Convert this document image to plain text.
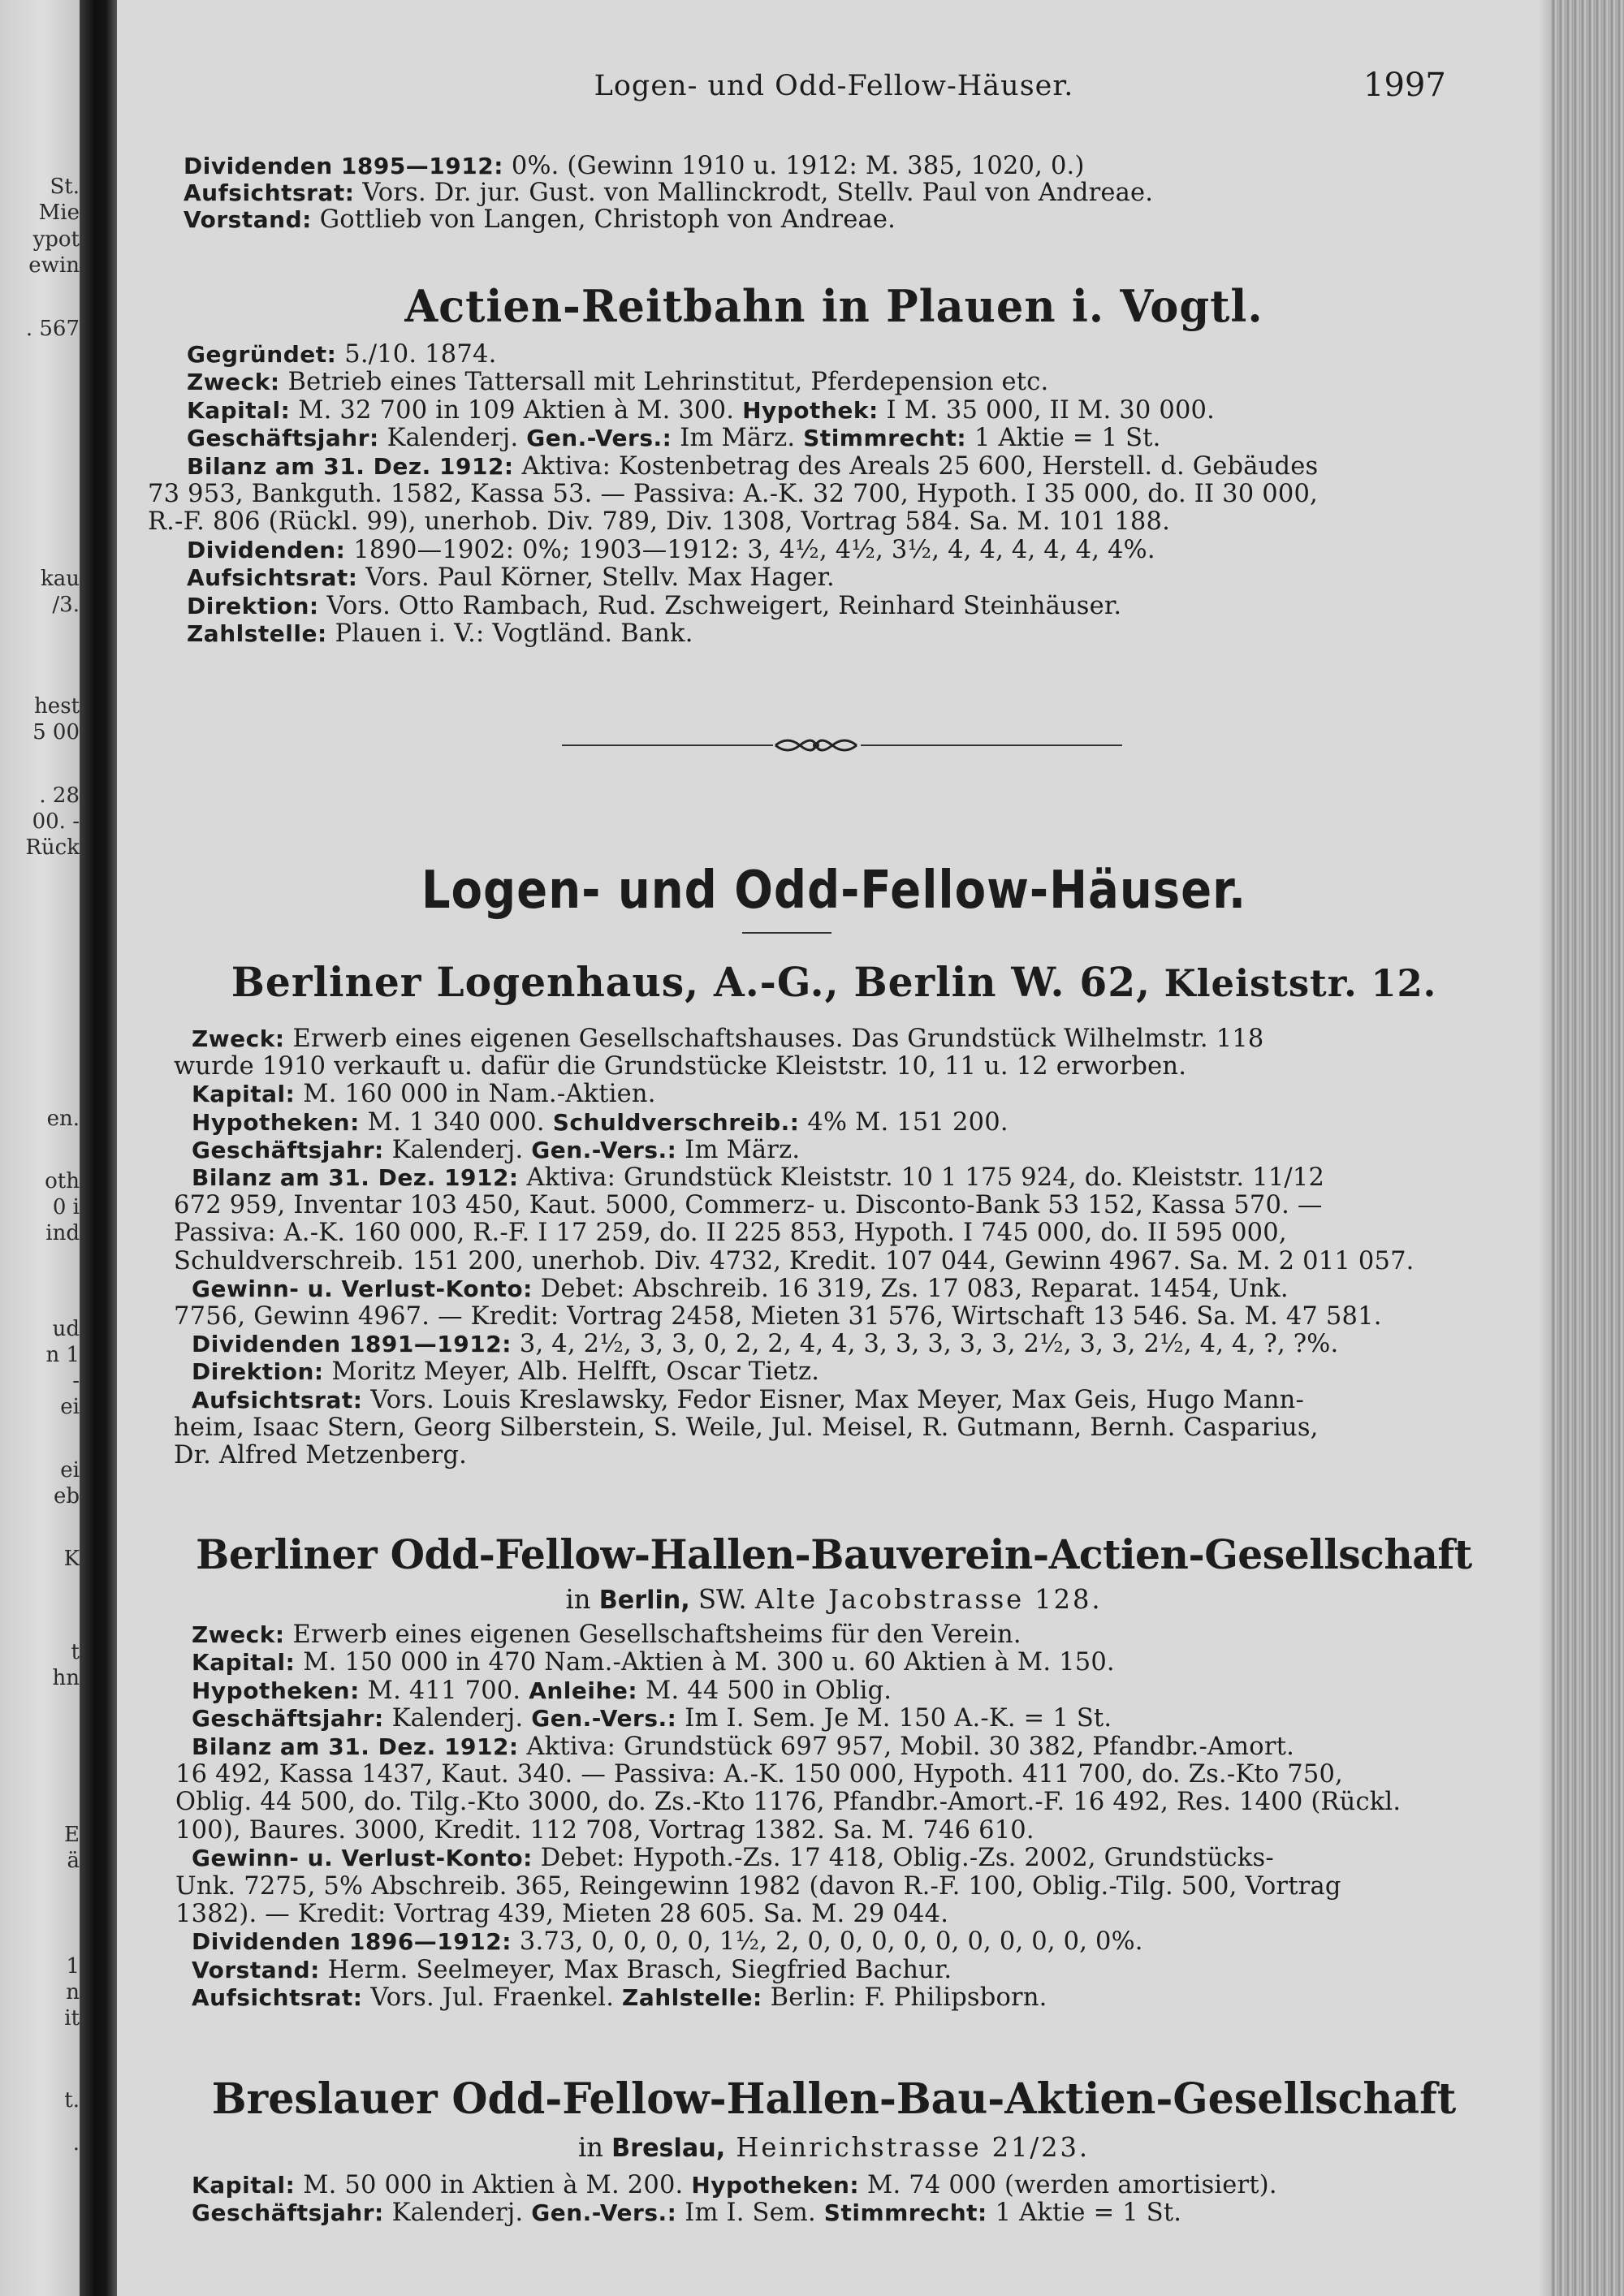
St.
Mie
ypot
ewin
. 567
kau
/3.
hest
5 00
. 28
00. -
Rück
en.
oth
0 i
ind
ud
n 1
-
ei
ei
eb
K
t
hn
E
ä
1
n
it
t.
.
Logen- und Odd-Fellow-Häuser.	1997
Dividenden 1895—1912: 0%. (Gewinn 1910 u. 1912: M. 385, 1020, 0.)
Aufsichtsrat: Vors. Dr. jur. Gust. von Mallinckrodt, Stellv. Paul von Andreae.
Vorstand: Gottlieb von Langen, Christoph von Andreae.
Actien-Reitbahn in Plauen i. Vogtl.
Gegründet: 5./10. 1874.
Zweck: Betrieb eines Tattersall mit Lehrinstitut, Pferdepension etc.
Kapital: M. 32 700 in 109 Aktien à M. 300. Hypothek: I M. 35 000, II M. 30 000.
Geschäftsjahr: Kalenderj. Gen.-Vers.: Im März. Stimmrecht: 1 Aktie = 1 St.
Bilanz am 31. Dez. 1912: Aktiva: Kostenbetrag des Areals 25 600, Herstell. d. Gebäudes
73 953, Bankguth. 1582, Kassa 53. — Passiva: A.-K. 32 700, Hypoth. I 35 000, do. II 30 000,
R.-F. 806 (Rückl. 99), unerhob. Div. 789, Div. 1308, Vortrag 584. Sa. M. 101 188.
Dividenden: 1890—1902: 0%; 1903—1912: 3, 4½, 4½, 3½, 4, 4, 4, 4, 4, 4%.
Aufsichtsrat: Vors. Paul Körner, Stellv. Max Hager.
Direktion: Vors. Otto Rambach, Rud. Zschweigert, Reinhard Steinhäuser.
Zahlstelle: Plauen i. V.: Vogtländ. Bank.
Logen- und Odd-Fellow-Häuser.
Berliner Logenhaus, A.-G., Berlin W. 62, Kleiststr. 12.
Zweck: Erwerb eines eigenen Gesellschaftshauses. Das Grundstück Wilhelmstr. 118
wurde 1910 verkauft u. dafür die Grundstücke Kleiststr. 10, 11 u. 12 erworben.
Kapital: M. 160 000 in Nam.-Aktien.
Hypotheken: M. 1 340 000. Schuldverschreib.: 4% M. 151 200.
Geschäftsjahr: Kalenderj. Gen.-Vers.: Im März.
Bilanz am 31. Dez. 1912: Aktiva: Grundstück Kleiststr. 10 1 175 924, do. Kleiststr. 11/12
672 959, Inventar 103 450, Kaut. 5000, Commerz- u. Disconto-Bank 53 152, Kassa 570. —
Passiva: A.-K. 160 000, R.-F. I 17 259, do. II 225 853, Hypoth. I 745 000, do. II 595 000,
Schuldverschreib. 151 200, unerhob. Div. 4732, Kredit. 107 044, Gewinn 4967. Sa. M. 2 011 057.
Gewinn- u. Verlust-Konto: Debet: Abschreib. 16 319, Zs. 17 083, Reparat. 1454, Unk.
7756, Gewinn 4967. — Kredit: Vortrag 2458, Mieten 31 576, Wirtschaft 13 546. Sa. M. 47 581.
Dividenden 1891—1912: 3, 4, 2½, 3, 3, 0, 2, 2, 4, 4, 3, 3, 3, 3, 3, 2½, 3, 3, 2½, 4, 4, ?, ?%.
Direktion: Moritz Meyer, Alb. Helfft, Oscar Tietz.
Aufsichtsrat: Vors. Louis Kreslawsky, Fedor Eisner, Max Meyer, Max Geis, Hugo Mann-
heim, Isaac Stern, Georg Silberstein, S. Weile, Jul. Meisel, R. Gutmann, Bernh. Casparius,
Dr. Alfred Metzenberg.
Berliner Odd-Fellow-Hallen-Bauverein-Actien-Gesellschaft
in Berlin, SW. Alte Jacobstrasse 128.
Zweck: Erwerb eines eigenen Gesellschaftsheims für den Verein.
Kapital: M. 150 000 in 470 Nam.-Aktien à M. 300 u. 60 Aktien à M. 150.
Hypotheken: M. 411 700. Anleihe: M. 44 500 in Oblig.
Geschäftsjahr: Kalenderj. Gen.-Vers.: Im I. Sem. Je M. 150 A.-K. = 1 St.
Bilanz am 31. Dez. 1912: Aktiva: Grundstück 697 957, Mobil. 30 382, Pfandbr.-Amort.
16 492, Kassa 1437, Kaut. 340. — Passiva: A.-K. 150 000, Hypoth. 411 700, do. Zs.-Kto 750,
Oblig. 44 500, do. Tilg.-Kto 3000, do. Zs.-Kto 1176, Pfandbr.-Amort.-F. 16 492, Res. 1400 (Rückl.
100), Baures. 3000, Kredit. 112 708, Vortrag 1382. Sa. M. 746 610.
Gewinn- u. Verlust-Konto: Debet: Hypoth.-Zs. 17 418, Oblig.-Zs. 2002, Grundstücks-
Unk. 7275, 5% Abschreib. 365, Reingewinn 1982 (davon R.-F. 100, Oblig.-Tilg. 500, Vortrag
1382). — Kredit: Vortrag 439, Mieten 28 605. Sa. M. 29 044.
Dividenden 1896—1912: 3.73, 0, 0, 0, 0, 1½, 2, 0, 0, 0, 0, 0, 0, 0, 0, 0, 0%.
Vorstand: Herm. Seelmeyer, Max Brasch, Siegfried Bachur.
Aufsichtsrat: Vors. Jul. Fraenkel. Zahlstelle: Berlin: F. Philipsborn.
Breslauer Odd-Fellow-Hallen-Bau-Aktien-Gesellschaft
in Breslau, Heinrichstrasse 21/23.
Kapital: M. 50 000 in Aktien à M. 200. Hypotheken: M. 74 000 (werden amortisiert).
Geschäftsjahr: Kalenderj. Gen.-Vers.: Im I. Sem. Stimmrecht: 1 Aktie = 1 St.
